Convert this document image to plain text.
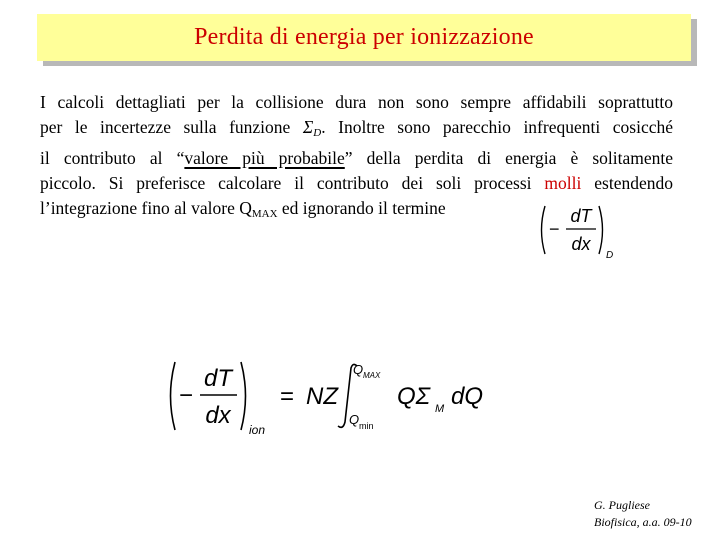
Perdita di energia per ionizzazione
I calcoli dettagliati per la collisione dura non sono sempre affidabili soprattutto
per le incertezze sulla funzione $\Sigma_D$. Inoltre sono parecchio infrequenti cosicché
il contributo al “valore più probabile” della perdita di energia è solitamente
piccolo. Si preferisce calcolare il contributo dei soli processi molli estendendo
l’integrazione fino al valore $Q_{MAX}$ ed ignorando il termine
−
dT
dx
D
−
dT
dx
ion
= NZ
Q MAX
Q min
QΣ M dQ
G. Pugliese
Biofisica, a.a. 09-10
